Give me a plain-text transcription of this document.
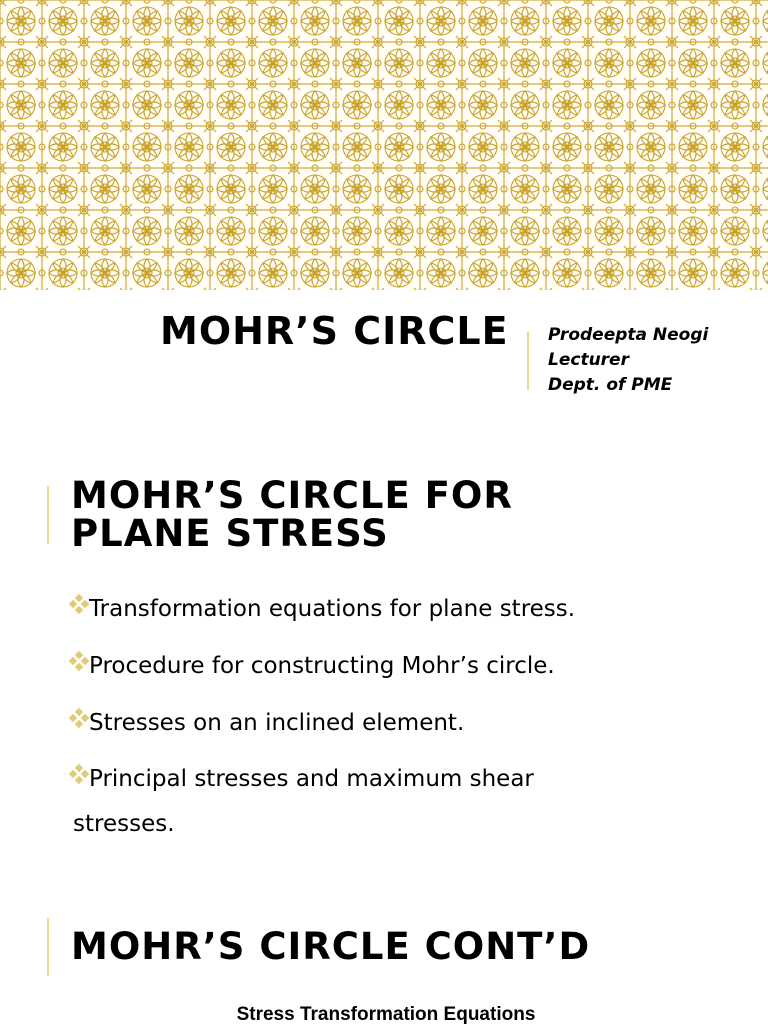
MOHR’S CIRCLE Prodeepta Neogi
Lecturer
Dept. of PME
MOHR’S CIRCLE FOR
PLANE STRESS
Transformation equations for plane stress.
Procedure for constructing Mohr’s circle.
Stresses on an inclined element.
Principal stresses and maximum shear
stresses.
MOHR’S CIRCLE CONT’D

Stress Transformation Equations
